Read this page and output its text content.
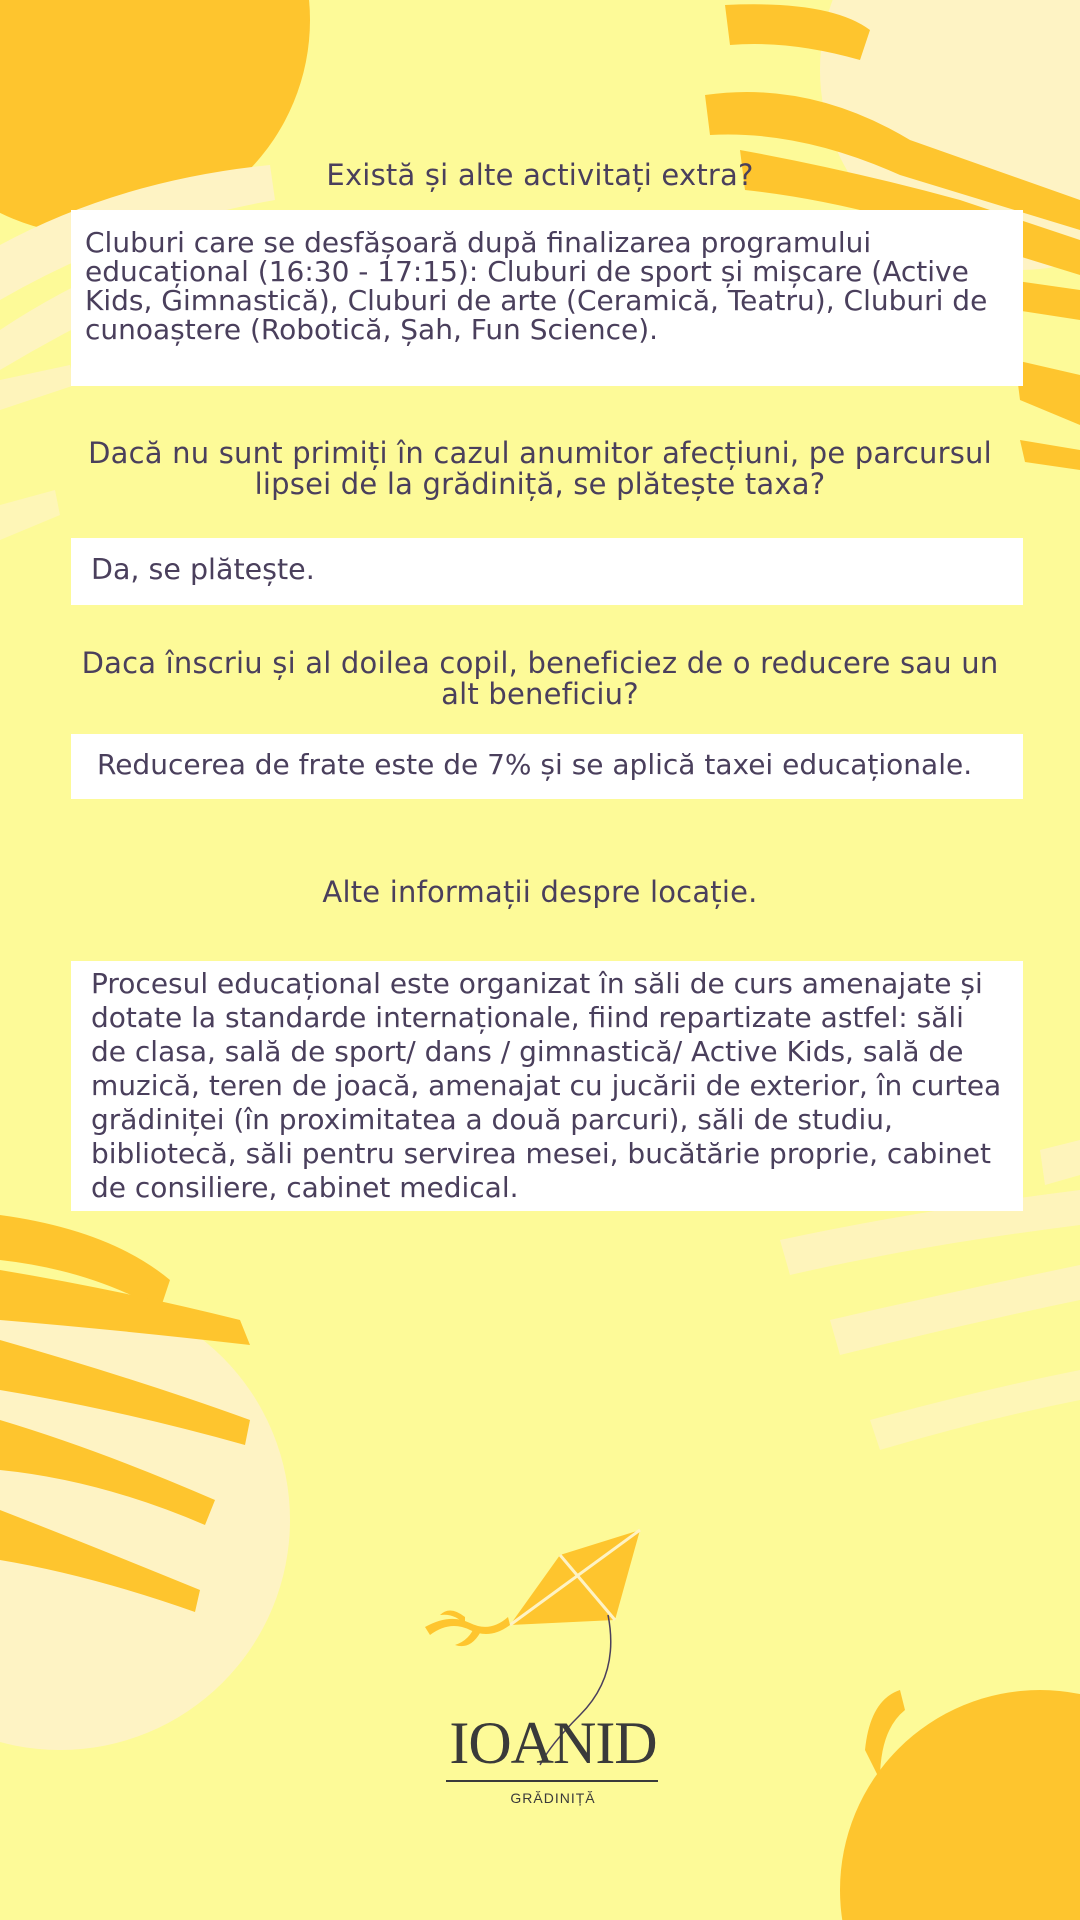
Există și alte activitați extra?
Cluburi care se desfășoară după finalizarea programului educațional (16:30 - 17:15): Cluburi de sport și mișcare (Active Kids, Gimnastică), Cluburi de arte (Ceramică, Teatru), Cluburi de cunoaștere (Robotică, Șah, Fun Science).
Dacă nu sunt primiți în cazul anumitor afecțiuni, pe parcursul lipsei de la grădiniță, se plătește taxa?
Da, se plătește.
Daca înscriu și al doilea copil, beneficiez de o reducere sau un alt beneficiu?
Reducerea de frate este de 7% și se aplică taxei educaționale.
Alte informații despre locație.
Procesul educațional este organizat în săli de curs amenajate și dotate la standarde internaționale, fiind repartizate astfel: săli de clasa, sală de sport/ dans / gimnastică/ Active Kids, sală de muzică, teren de joacă, amenajat cu jucării de exterior, în curtea grădiniței (în proximitatea a două parcuri), săli de studiu, bibliotecă, săli pentru servirea mesei, bucătărie proprie, cabinet de consiliere, cabinet medical.
IOANID
GRĂDINIȚĂ
